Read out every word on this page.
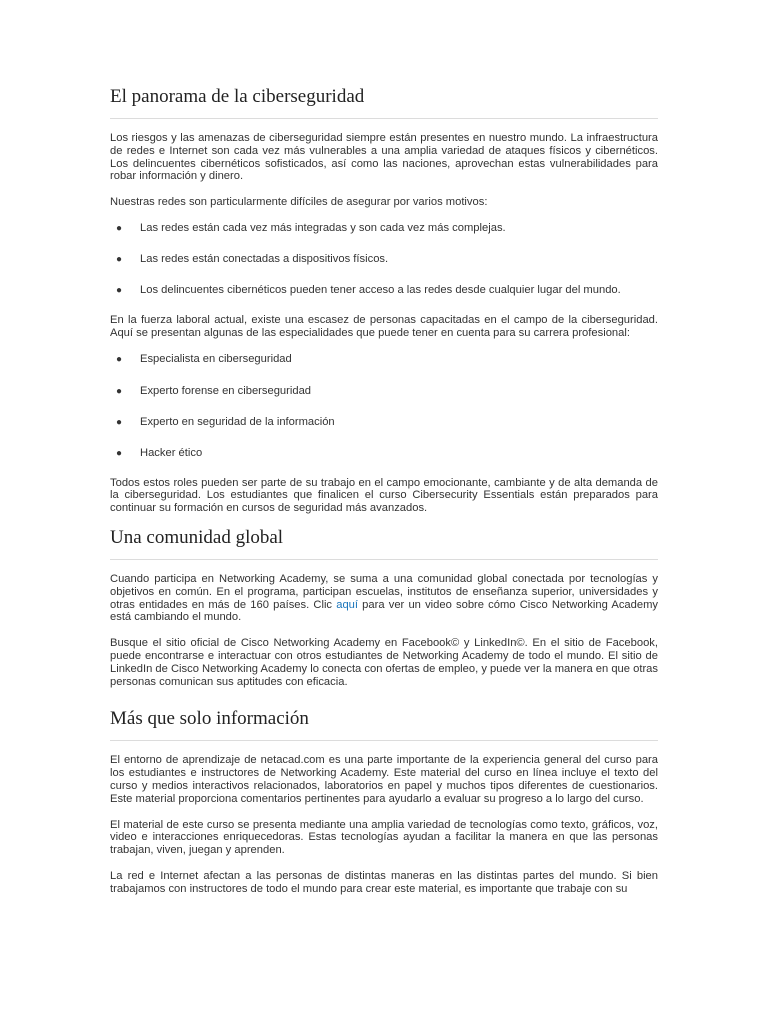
El panorama de la ciberseguridad

Los riesgos y las amenazas de ciberseguridad siempre están presentes en nuestro mundo. La infraestructura de redes e Internet son cada vez más vulnerables a una amplia variedad de ataques físicos y cibernéticos. Los delincuentes cibernéticos sofisticados, así como las naciones, aprovechan estas vulnerabilidades para robar información y dinero.

Nuestras redes son particularmente difíciles de asegurar por varios motivos:

● Las redes están cada vez más integradas y son cada vez más complejas.
● Las redes están conectadas a dispositivos físicos.
● Los delincuentes cibernéticos pueden tener acceso a las redes desde cualquier lugar del mundo.

En la fuerza laboral actual, existe una escasez de personas capacitadas en el campo de la ciberseguridad. Aquí se presentan algunas de las especialidades que puede tener en cuenta para su carrera profesional:

● Especialista en ciberseguridad
● Experto forense en ciberseguridad
● Experto en seguridad de la información
● Hacker ético

Todos estos roles pueden ser parte de su trabajo en el campo emocionante, cambiante y de alta demanda de la ciberseguridad. Los estudiantes que finalicen el curso Cibersecurity Essentials están preparados para continuar su formación en cursos de seguridad más avanzados.

Una comunidad global

Cuando participa en Networking Academy, se suma a una comunidad global conectada por tecnologías y objetivos en común. En el programa, participan escuelas, institutos de enseñanza superior, universidades y otras entidades en más de 160 países. Clic aquí para ver un video sobre cómo Cisco Networking Academy está cambiando el mundo.

Busque el sitio oficial de Cisco Networking Academy en Facebook© y LinkedIn©. En el sitio de Facebook, puede encontrarse e interactuar con otros estudiantes de Networking Academy de todo el mundo. El sitio de LinkedIn de Cisco Networking Academy lo conecta con ofertas de empleo, y puede ver la manera en que otras personas comunican sus aptitudes con eficacia.

Más que solo información

El entorno de aprendizaje de netacad.com es una parte importante de la experiencia general del curso para los estudiantes e instructores de Networking Academy. Este material del curso en línea incluye el texto del curso y medios interactivos relacionados, laboratorios en papel y muchos tipos diferentes de cuestionarios. Este material proporciona comentarios pertinentes para ayudarlo a evaluar su progreso a lo largo del curso.

El material de este curso se presenta mediante una amplia variedad de tecnologías como texto, gráficos, voz, video e interacciones enriquecedoras. Estas tecnologías ayudan a facilitar la manera en que las personas trabajan, viven, juegan y aprenden.

La red e Internet afectan a las personas de distintas maneras en las distintas partes del mundo. Si bien trabajamos con instructores de todo el mundo para crear este material, es importante que trabaje con su
